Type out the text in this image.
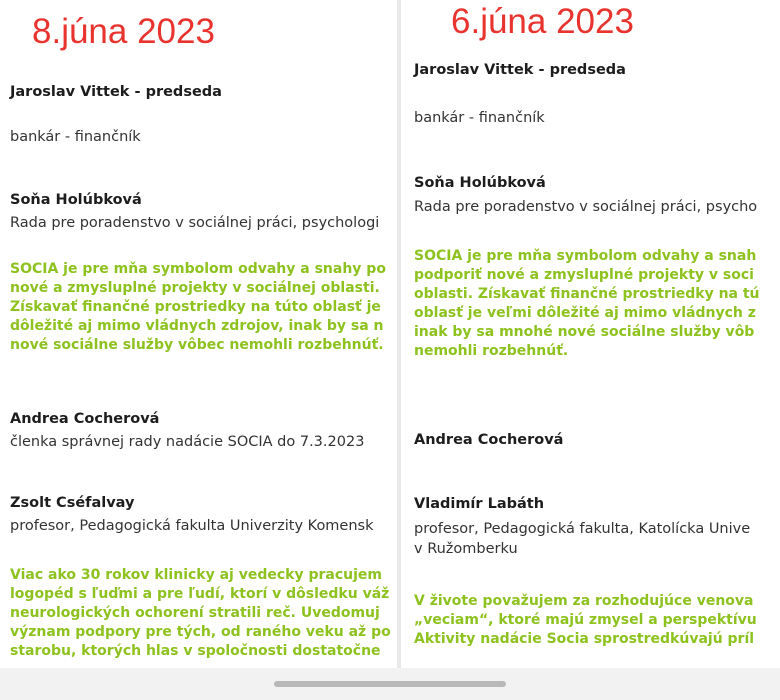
8.júna 2023
Jaroslav Vittek - predseda
bankár - finančník
Soňa Holúbková
Rada pre poradenstvo v sociálnej práci, psychologi
SOCIA je pre mňa symbolom odvahy a snahy po
nové a zmysluplné projekty v sociálnej oblasti.
Získavať finančné prostriedky na túto oblasť je
dôležité aj mimo vládnych zdrojov, inak by sa n
nové sociálne služby vôbec nemohli rozbehnúť.
Andrea Cocherová
členka správnej rady nadácie SOCIA do 7.3.2023
Zsolt Cséfalvay
profesor, Pedagogická fakulta Univerzity Komensk
Viac ako 30 rokov klinicky aj vedecky pracujem
logopéd s ľuďmi a pre ľudí, ktorí v dôsledku váž
neurologických ochorení stratili reč. Uvedomuj
význam podpory pre tých, od raného veku až po
starobu, ktorých hlas v spoločnosti dostatočne
6.júna 2023
Jaroslav Vittek - predseda
bankár - finančník
Soňa Holúbková
Rada pre poradenstvo v sociálnej práci, psycho
SOCIA je pre mňa symbolom odvahy a snah
podporiť nové a zmysluplné projekty v soci
oblasti. Získavať finančné prostriedky na tú
oblasť je veľmi dôležité aj mimo vládnych z
inak by sa mnohé nové sociálne služby vôb
nemohli rozbehnúť.
Andrea Cocherová
Vladimír Labáth
profesor, Pedagogická fakulta, Katolícka Unive
v Ružomberku
V živote považujem za rozhodujúce venova
„veciam“, ktoré majú zmysel a perspektívu
Aktivity nadácie Socia sprostredkúvajú príl
